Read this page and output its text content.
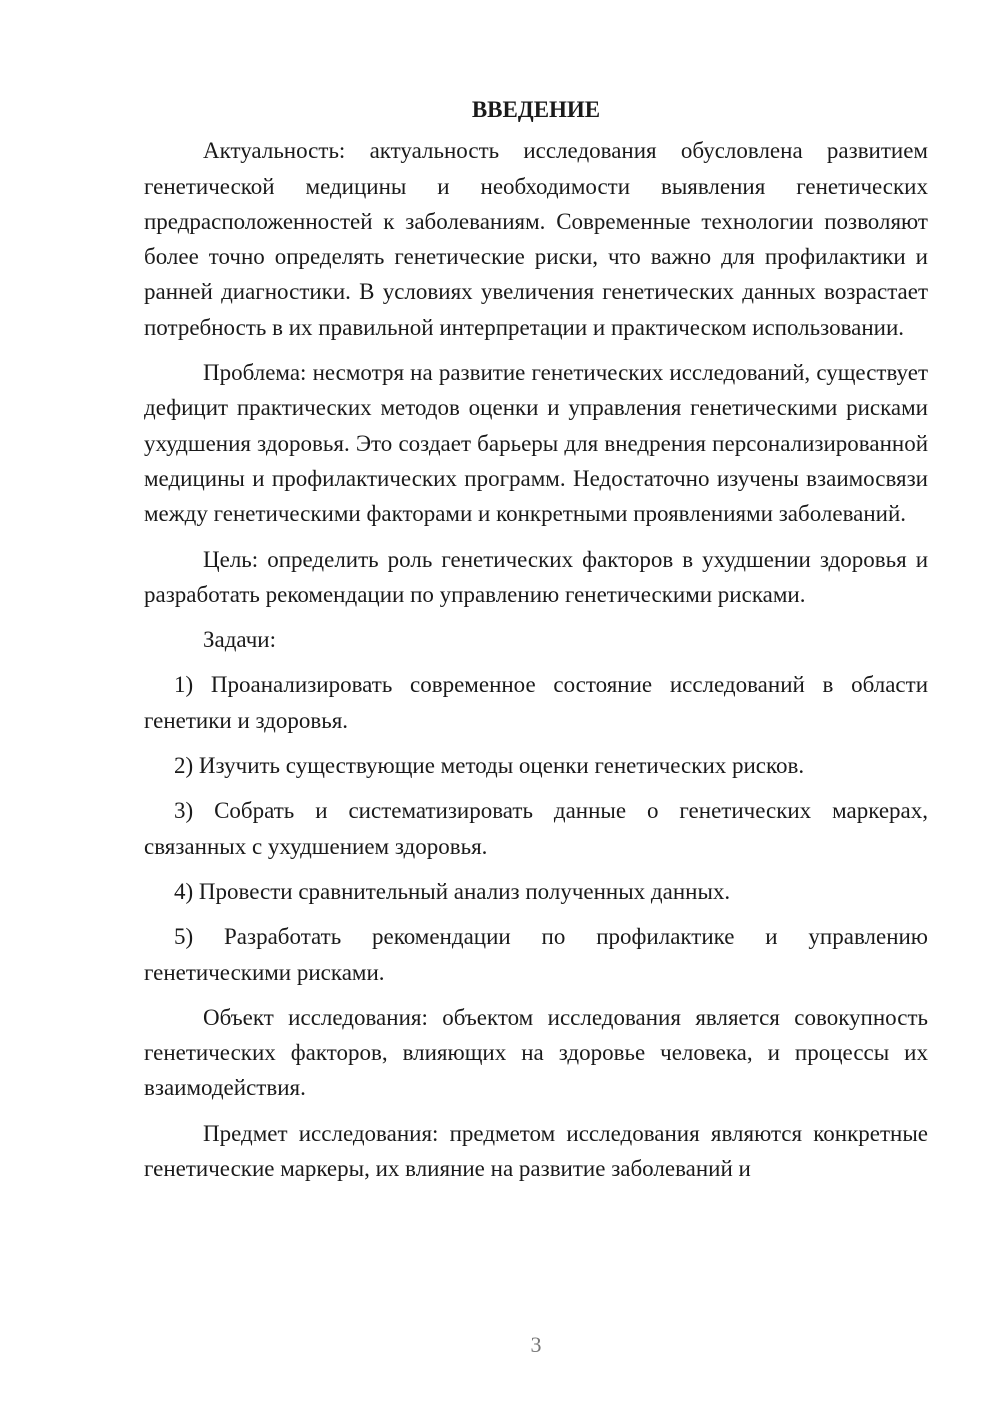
ВВЕДЕНИЕ

Актуальность: актуальность исследования обусловлена развитием генетической медицины и необходимости выявления генетических предрасположенностей к заболеваниям. Современные технологии позволяют более точно определять генетические риски, что важно для профилактики и ранней диагностики. В условиях увеличения генетических данных возрастает потребность в их правильной интерпретации и практическом использовании.

Проблема: несмотря на развитие генетических исследований, существует дефицит практических методов оценки и управления генетическими рисками ухудшения здоровья. Это создает барьеры для внедрения персонализированной медицины и профилактических программ. Недостаточно изучены взаимосвязи между генетическими факторами и конкретными проявлениями заболеваний.

Цель: определить роль генетических факторов в ухудшении здоровья и разработать рекомендации по управлению генетическими рисками.

Задачи:

1) Проанализировать современное состояние исследований в области генетики и здоровья.

2) Изучить существующие методы оценки генетических рисков.

3) Собрать и систематизировать данные о генетических маркерах, связанных с ухудшением здоровья.

4) Провести сравнительный анализ полученных данных.

5) Разработать рекомендации по профилактике и управлению генетическими рисками.

Объект исследования: объектом исследования является совокупность генетических факторов, влияющих на здоровье человека, и процессы их взаимодействия.

Предмет исследования: предметом исследования являются конкретные генетические маркеры, их влияние на развитие заболеваний и

3
